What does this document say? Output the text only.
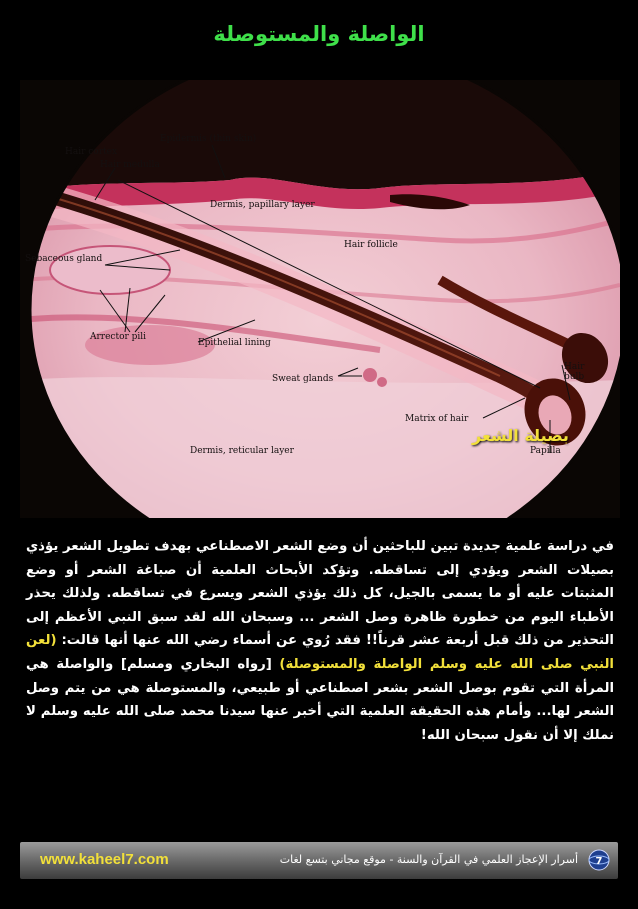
الواصلة والمستوصلة
Epidermis (thin skin)
Hair cortex
Hair medulla
Dermis, papillary layer
Hair follicle
Sebaceous gland
Arrector pili
Epithelial lining
Sweat glands
Hair
bulb
Matrix of hair
Dermis, reticular layer	Papilla
بصيلة الشعر

في دراسة علمية جديدة تبين للباحثين أن وضع الشعر الاصطناعي بهدف تطويل الشعر يؤذي بصيلات الشعر ويؤدي إلى تساقطه. وتؤكد الأبحاث العلمية أن صباغة الشعر أو وضع المثبتات عليه أو ما يسمى بالجيل، كل ذلك يؤذي الشعر ويسرع في تساقطه. ولذلك يحذر الأطباء اليوم من خطورة ظاهرة وصل الشعر ... وسبحان الله لقد سبق النبي الأعظم إلى التحذير من ذلك قبل أربعة عشر قرناً!! فقد رُوي عن أسماء رضي الله عنها أنها قالت: (لعن النبي صلى الله عليه وسلم الواصلة والمستوصلة) [رواه البخاري ومسلم] والواصلة هي المرأة التي تقوم بوصل الشعر بشعر اصطناعي أو طبيعي، والمستوصلة هي من يتم وصل الشعر لها... وأمام هذه الحقيقة العلمية التي أخبر عنها سيدنا محمد صلى الله عليه وسلم لا نملك إلا أن نقول سبحان الله!

www.kaheel7.com	أسرار الإعجاز العلمي في القرآن والسنة - موقع مجاني بتسع لغات 7
